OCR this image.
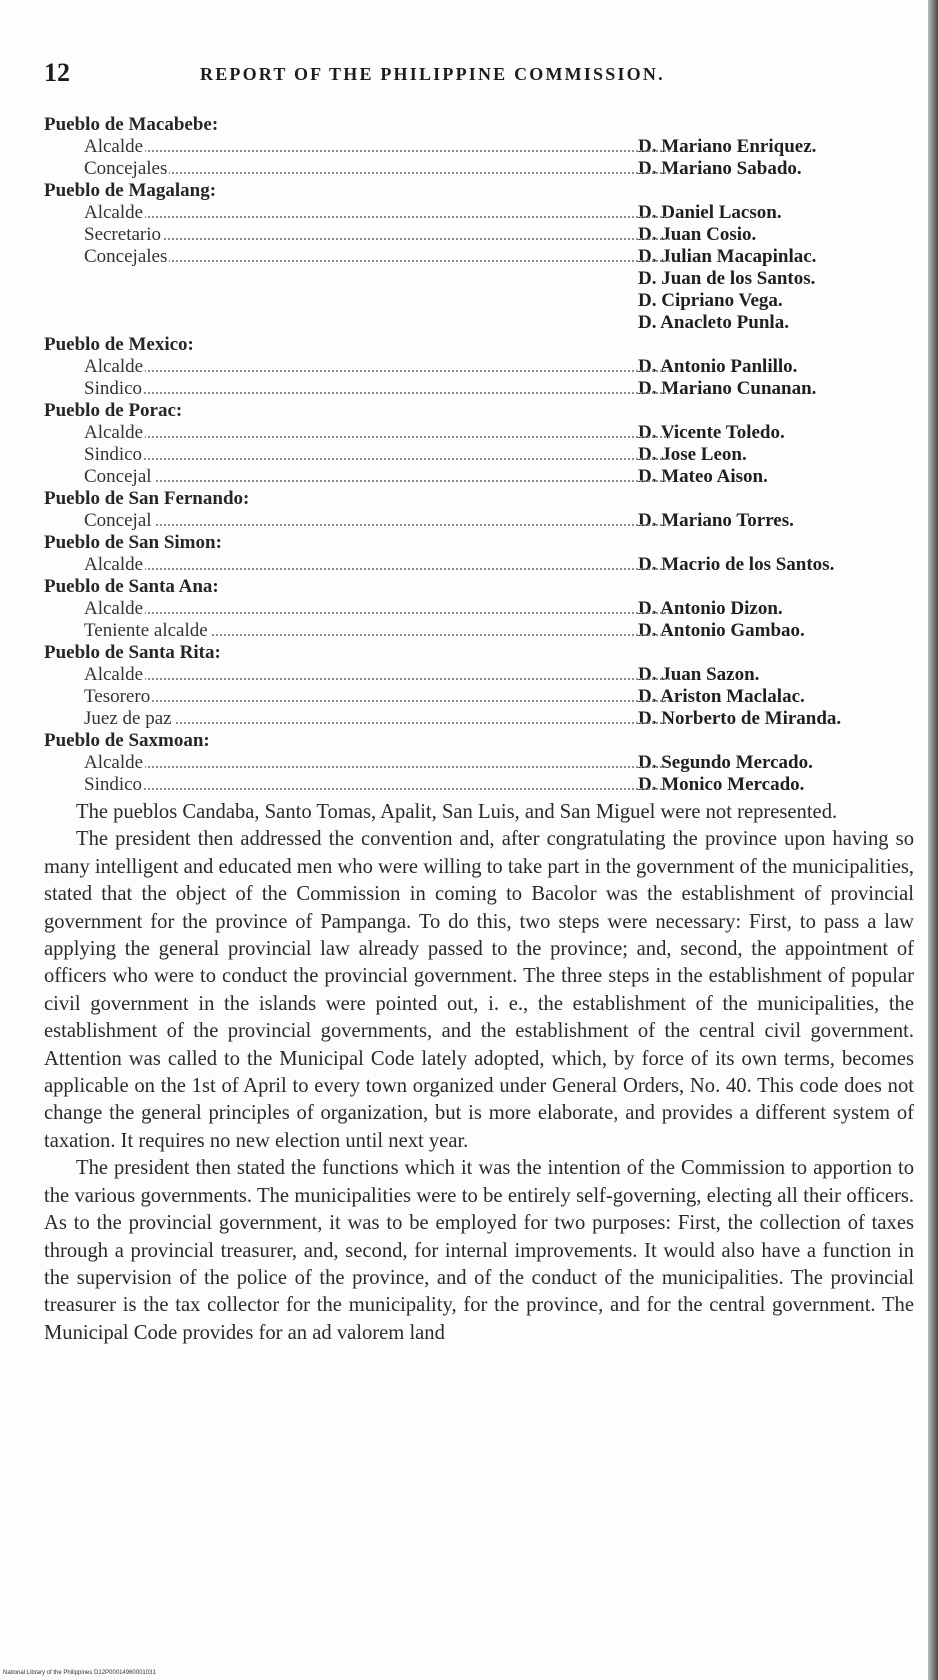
12	REPORT OF THE PHILIPPINE COMMISSION.
Pueblo de Macabebe:
Alcalde	D. Mariano Enriquez.
Concejales	D. Mariano Sabado.
Pueblo de Magalang:
Alcalde	D. Daniel Lacson.
Secretario	D. Juan Cosio.
Concejales	D. Julian Macapinlac.
D. Juan de los Santos.
D. Cipriano Vega.
D. Anacleto Punla.
Pueblo de Mexico:
Alcalde	D. Antonio Panlillo.
Sindico	D. Mariano Cunanan.
Pueblo de Porac:
Alcalde	D. Vicente Toledo.
Sindico	D. Jose Leon.
Concejal	D. Mateo Aison.
Pueblo de San Fernando:
Concejal	D. Mariano Torres.
Pueblo de San Simon:
Alcalde	D. Macrio de los Santos.
Pueblo de Santa Ana:
Alcalde	D. Antonio Dizon.
Teniente alcalde	D. Antonio Gambao.
Pueblo de Santa Rita:
Alcalde	D. Juan Sazon.
Tesorero	D. Ariston Maclalac.
Juez de paz	D. Norberto de Miranda.
Pueblo de Saxmoan:
Alcalde	D. Segundo Mercado.
Sindico	D. Monico Mercado.

The pueblos Candaba, Santo Tomas, Apalit, San Luis, and San Miguel were not represented.

The president then addressed the convention and, after congratulating the province upon having so many intelligent and educated men who were willing to take part in the government of the municipalities, stated that the object of the Commission in coming to Bacolor was the establishment of provincial government for the province of Pampanga. To do this, two steps were necessary: First, to pass a law applying the general provincial law already passed to the province; and, second, the appointment of officers who were to conduct the provincial government. The three steps in the establishment of popular civil government in the islands were pointed out, i. e., the establishment of the municipalities, the establishment of the provincial governments, and the establishment of the central civil government. Attention was called to the Municipal Code lately adopted, which, by force of its own terms, becomes applicable on the 1st of April to every town organized under General Orders, No. 40. This code does not change the general principles of organization, but is more elaborate, and provides a different system of taxation. It requires no new election until next year.

The president then stated the functions which it was the intention of the Commission to apportion to the various governments. The municipalities were to be entirely self-governing, electing all their officers. As to the provincial government, it was to be employed for two purposes: First, the collection of taxes through a provincial treasurer, and, second, for internal improvements. It would also have a function in the supervision of the police of the province, and of the conduct of the municipalities. The provincial treasurer is the tax collector for the municipality, for the province, and for the central government. The Municipal Code provides for an ad valorem land

National Library of the Philippines D12P00014960001031
